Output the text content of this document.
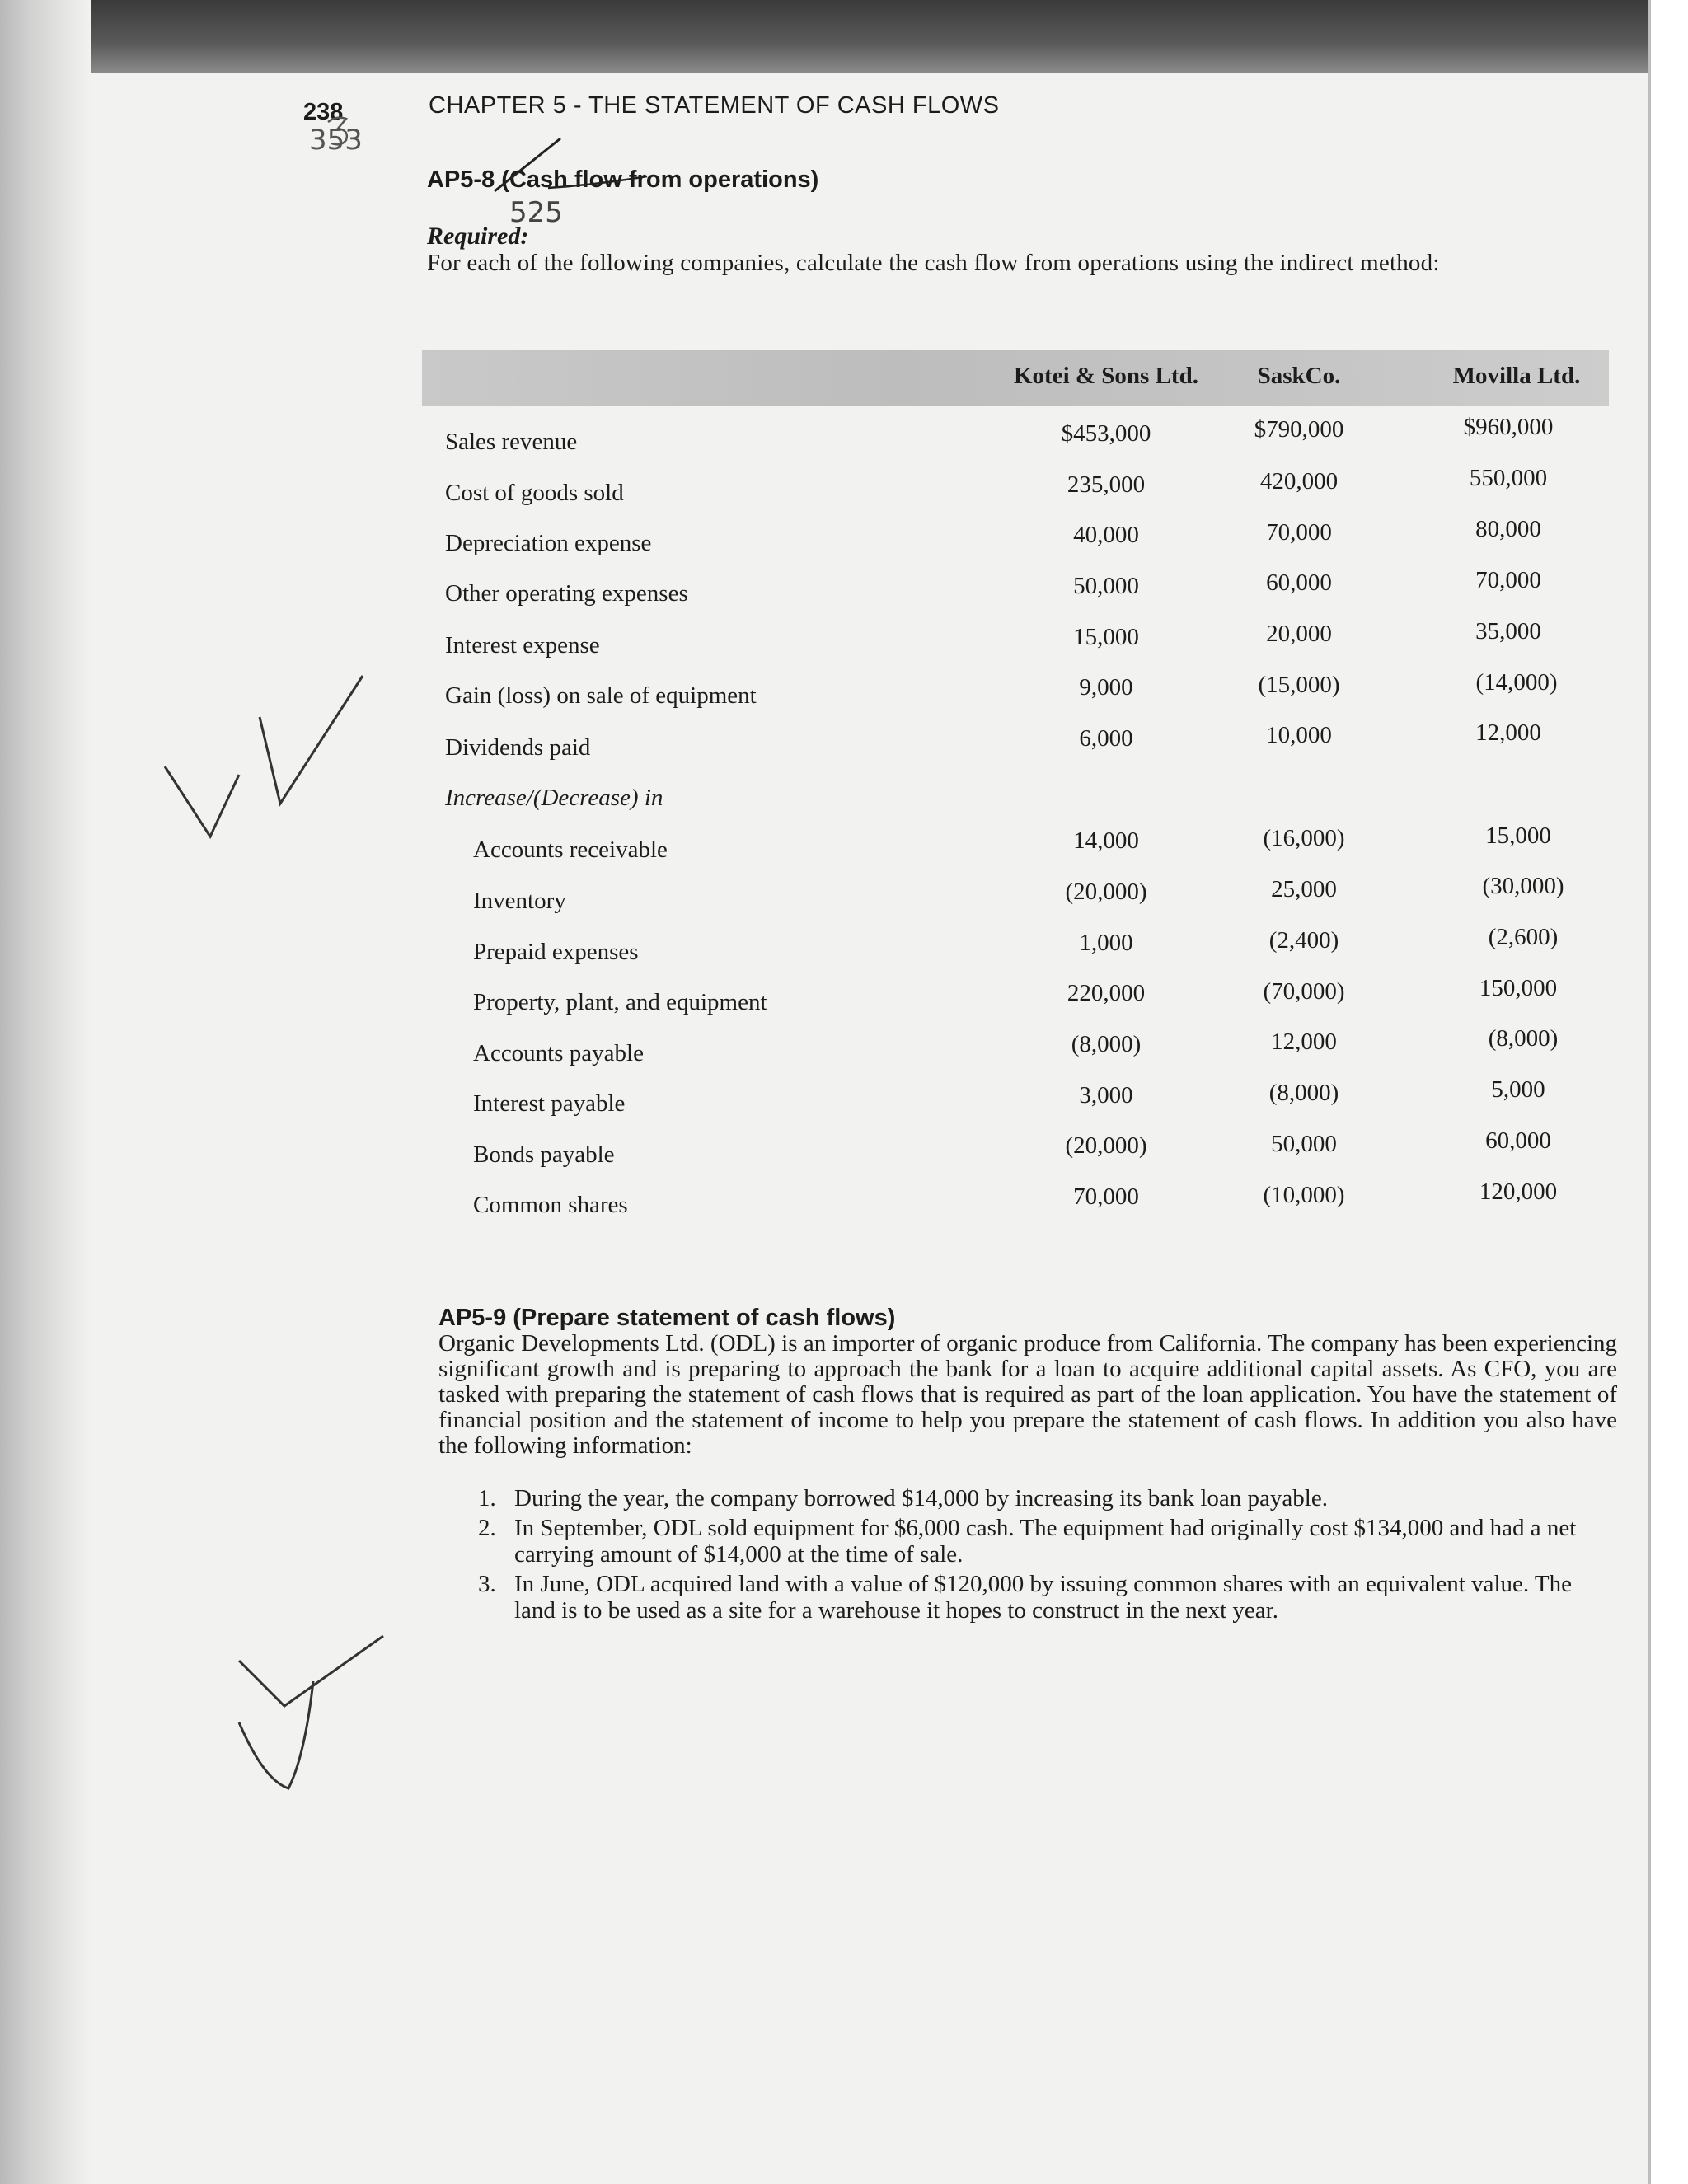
238
353
CHAPTER 5 - THE STATEMENT OF CASH FLOWS
AP5-8 (Cash flow from operations)
525
Required:
For each of the following companies, calculate the cash flow from operations using the indirect method:
Kotei & Sons Ltd.	SaskCo.	Movilla Ltd.
Sales revenue	$453,000	$790,000	$960,000
Cost of goods sold	235,000	420,000	550,000
Depreciation expense	40,000	70,000	80,000
Other operating expenses	50,000	60,000	70,000
Interest expense	15,000	20,000	35,000
Gain (loss) on sale of equipment	9,000	(15,000)	(14,000)
Dividends paid	6,000	10,000	12,000
Increase/(Decrease) in
Accounts receivable	14,000	(16,000)	15,000
Inventory	(20,000)	25,000	(30,000)
Prepaid expenses	1,000	(2,400)	(2,600)
Property, plant, and equipment	220,000	(70,000)	150,000
Accounts payable	(8,000)	12,000	(8,000)
Interest payable	3,000	(8,000)	5,000
Bonds payable	(20,000)	50,000	60,000
Common shares	70,000	(10,000)	120,000
AP5-9 (Prepare statement of cash flows)
Organic Developments Ltd. (ODL) is an importer of organic produce from California. The company has been experiencing significant growth and is preparing to approach the bank for a loan to acquire additional capital assets. As CFO, you are tasked with preparing the statement of cash flows that is required as part of the loan application. You have the statement of financial position and the statement of income to help you prepare the statement of cash flows. In addition you also have the following information:
1. During the year, the company borrowed $14,000 by increasing its bank loan payable.
2. In September, ODL sold equipment for $6,000 cash. The equipment had originally cost $134,000 and had a net carrying amount of $14,000 at the time of sale.
3. In June, ODL acquired land with a value of $120,000 by issuing common shares with an equivalent value. The land is to be used as a site for a warehouse it hopes to construct in the next year.
